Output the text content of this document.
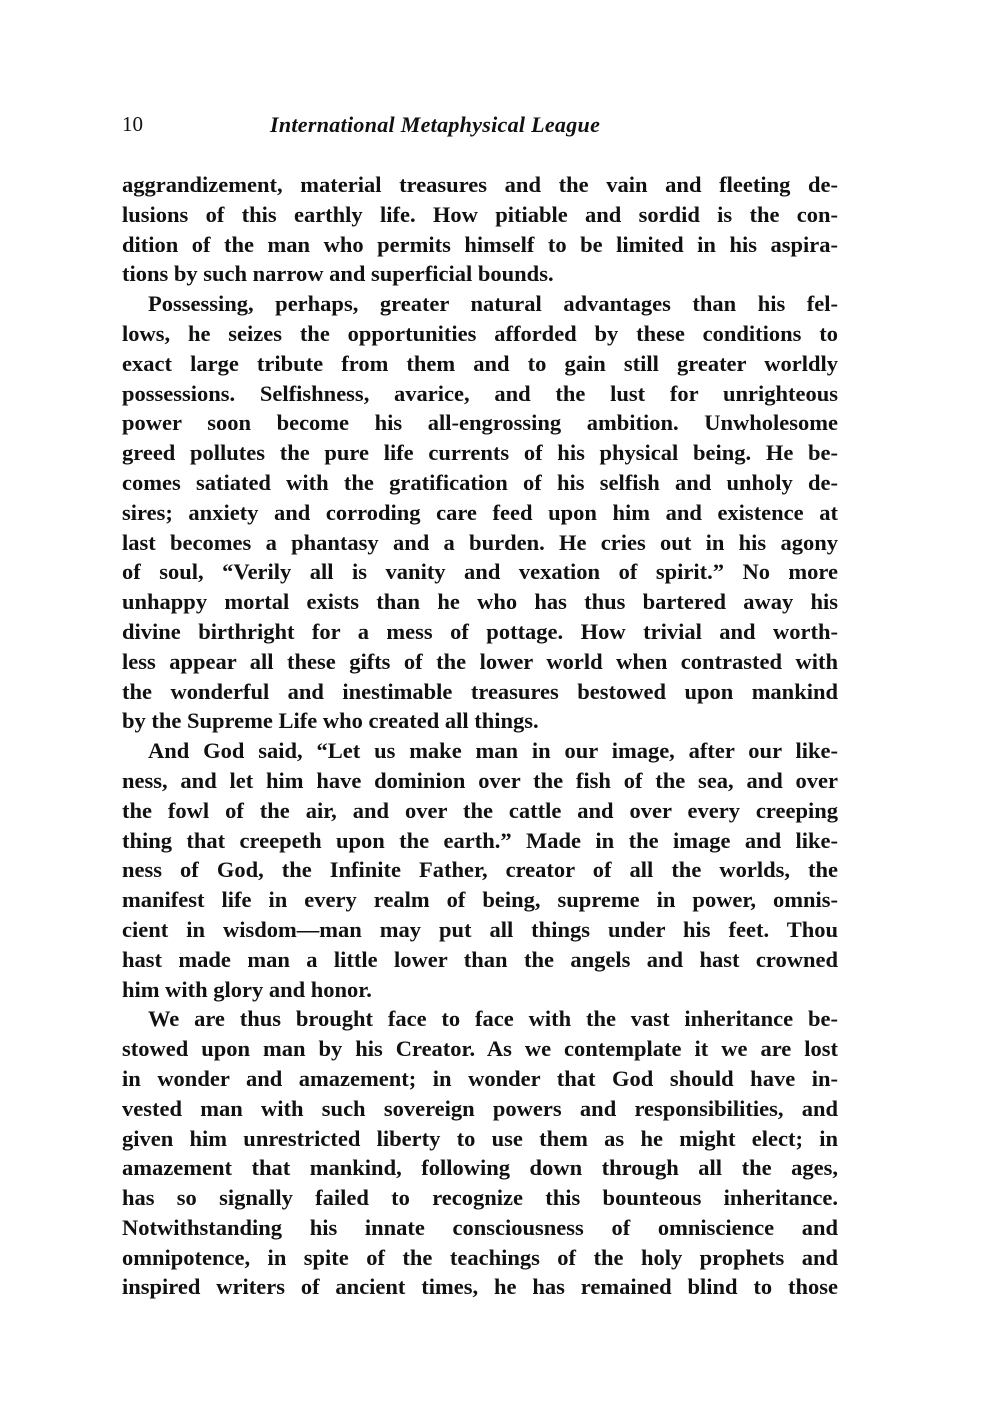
10	International Metaphysical League
aggrandizement, material treasures and the vain and fleeting de-
lusions of this earthly life. How pitiable and sordid is the con-
dition of the man who permits himself to be limited in his aspira-
tions by such narrow and superficial bounds.
Possessing, perhaps, greater natural advantages than his fel-
lows, he seizes the opportunities afforded by these conditions to
exact large tribute from them and to gain still greater worldly
possessions. Selfishness, avarice, and the lust for unrighteous
power soon become his all-engrossing ambition. Unwholesome
greed pollutes the pure life currents of his physical being. He be-
comes satiated with the gratification of his selfish and unholy de-
sires; anxiety and corroding care feed upon him and existence at
last becomes a phantasy and a burden. He cries out in his agony
of soul, “Verily all is vanity and vexation of spirit.” No more
unhappy mortal exists than he who has thus bartered away his
divine birthright for a mess of pottage. How trivial and worth-
less appear all these gifts of the lower world when contrasted with
the wonderful and inestimable treasures bestowed upon mankind
by the Supreme Life who created all things.
And God said, “Let us make man in our image, after our like-
ness, and let him have dominion over the fish of the sea, and over
the fowl of the air, and over the cattle and over every creeping
thing that creepeth upon the earth.” Made in the image and like-
ness of God, the Infinite Father, creator of all the worlds, the
manifest life in every realm of being, supreme in power, omnis-
cient in wisdom—man may put all things under his feet. Thou
hast made man a little lower than the angels and hast crowned
him with glory and honor.
We are thus brought face to face with the vast inheritance be-
stowed upon man by his Creator. As we contemplate it we are lost
in wonder and amazement; in wonder that God should have in-
vested man with such sovereign powers and responsibilities, and
given him unrestricted liberty to use them as he might elect; in
amazement that mankind, following down through all the ages,
has so signally failed to recognize this bounteous inheritance.
Notwithstanding his innate consciousness of omniscience and
omnipotence, in spite of the teachings of the holy prophets and
inspired writers of ancient times, he has remained blind to those
